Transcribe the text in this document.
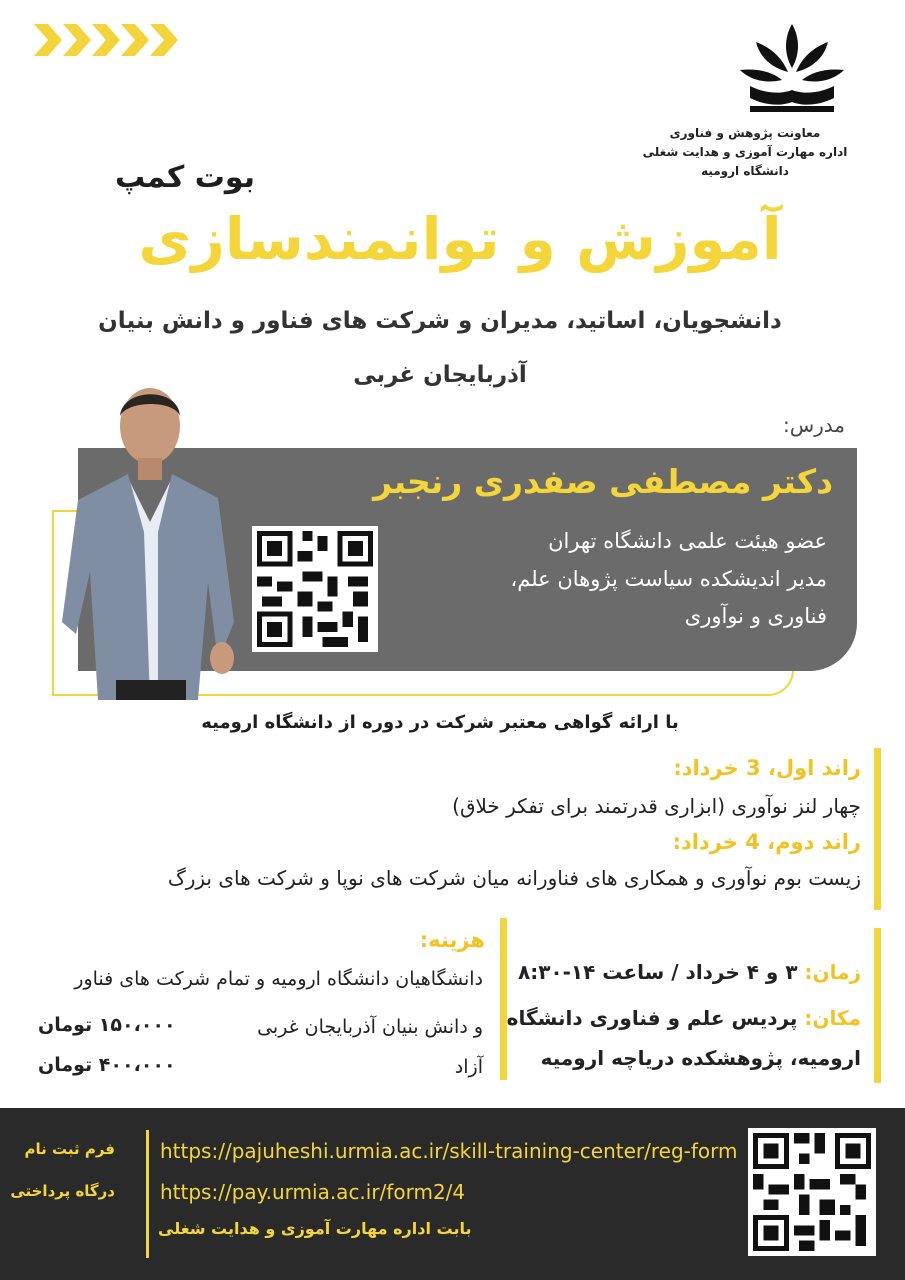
معاونت پژوهش و فناوری
اداره مهارت آموزی و هدایت شغلی
دانشگاه ارومیه
بوت کمپ
آموزش و توانمندسازی
دانشجویان، اساتید، مدیران و شرکت های فناور و دانش بنیان
آذربایجان غربی
مدرس:
دکتر مصطفی صفدری رنجبر
عضو هیئت علمی دانشگاه تهران
مدیر اندیشکده سیاست پژوهان علم،
فناوری و نوآوری
با ارائه گواهی معتبر شرکت در دوره از دانشگاه ارومیه
راند اول، 3 خرداد:
چهار لنز نوآوری (ابزاری قدرتمند برای تفکر خلاق)
راند دوم، 4 خرداد:
زیست بوم نوآوری و همکاری های فناورانه میان شرکت های نوپا و شرکت های بزرگ
زمان: ۳ و ۴ خرداد / ساعت ۱۴-۸:۳۰
مکان: پردیس علم و فناوری دانشگاه
ارومیه، پژوهشکده دریاچه ارومیه
هزینه:
دانشگاهیان دانشگاه ارومیه و تمام شرکت های فناور
و دانش بنیان آذربایجان غربی
آزاد
۱۵۰،۰۰۰ تومان
۴۰۰،۰۰۰ تومان
فرم ثبت نام
درگاه پرداختی
https://pajuheshi.urmia.ac.ir/skill-training-center/reg-form
https://pay.urmia.ac.ir/form2/4
بابت اداره مهارت آموزی و هدایت شغلی
